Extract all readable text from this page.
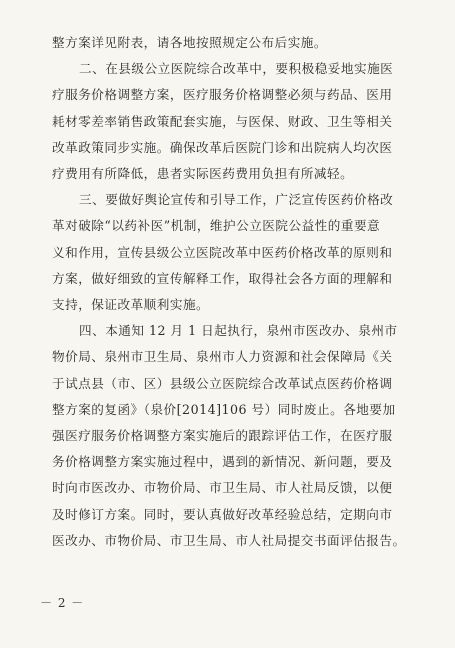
整方案详见附表，请各地按照规定公布后实施。
二、在县级公立医院综合改革中，要积极稳妥地实施医
疗服务价格调整方案，医疗服务价格调整必须与药品、医用
耗材零差率销售政策配套实施，与医保、财政、卫生等相关
改革政策同步实施。确保改革后医院门诊和出院病人均次医
疗费用有所降低，患者实际医药费用负担有所减轻。
三、要做好舆论宣传和引导工作，广泛宣传医药价格改
革对破除“以药补医”机制，维护公立医院公益性的重要意
义和作用，宣传县级公立医院改革中医药价格改革的原则和
方案，做好细致的宣传解释工作，取得社会各方面的理解和
支持，保证改革顺利实施。
四、本通知 12 月 1 日起执行，泉州市医改办、泉州市
物价局、泉州市卫生局、泉州市人力资源和社会保障局《关
于试点县（市、区）县级公立医院综合改革试点医药价格调
整方案的复函》（泉价[2014]106 号）同时废止。各地要加
强医疗服务价格调整方案实施后的跟踪评估工作，在医疗服
务价格调整方案实施过程中，遇到的新情况、新问题，要及
时向市医改办、市物价局、市卫生局、市人社局反馈，以便
及时修订方案。同时，要认真做好改革经验总结，定期向市
医改办、市物价局、市卫生局、市人社局提交书面评估报告。
－ 2 －
